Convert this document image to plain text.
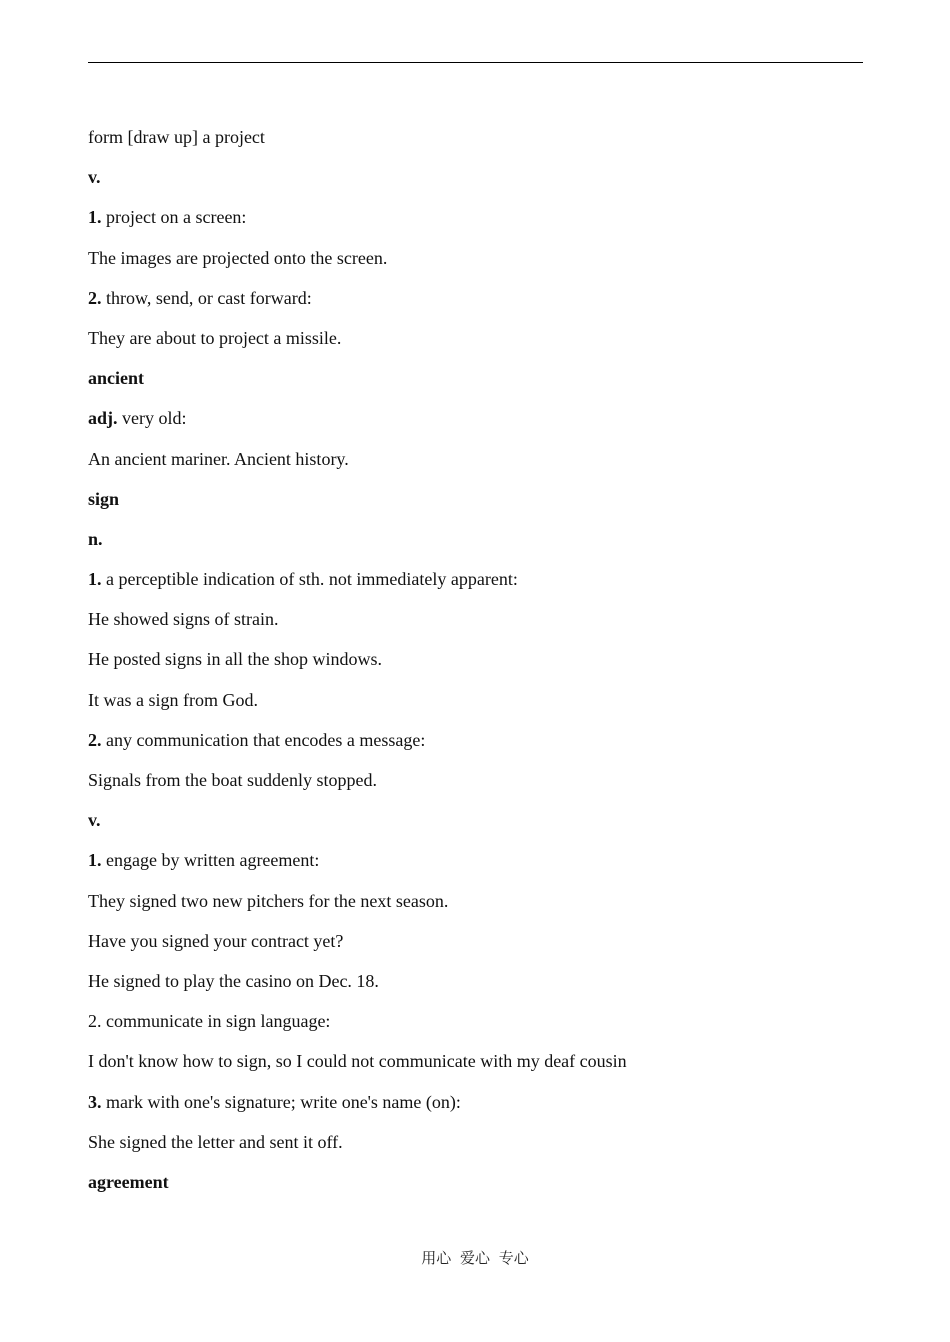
form [draw up] a project
v.
1. project on a screen:
The images are projected onto the screen.
2. throw, send, or cast forward:
They are about to project a missile.
ancient
adj. very old:
An ancient mariner. Ancient history.
sign
n.
1. a perceptible indication of sth. not immediately apparent:
He showed signs of strain.
He posted signs in all the shop windows.
It was a sign from God.
2. any communication that encodes a message:
Signals from the boat suddenly stopped.
v.
1. engage by written agreement:
They signed two new pitchers for the next season.
Have you signed your contract yet?
He signed to play the casino on Dec. 18.
2. communicate in sign language:
I don't know how to sign, so I could not communicate with my deaf cousin
3. mark with one's signature; write one's name (on):
She signed the letter and sent it off.
agreement
用心 爱心 专心
